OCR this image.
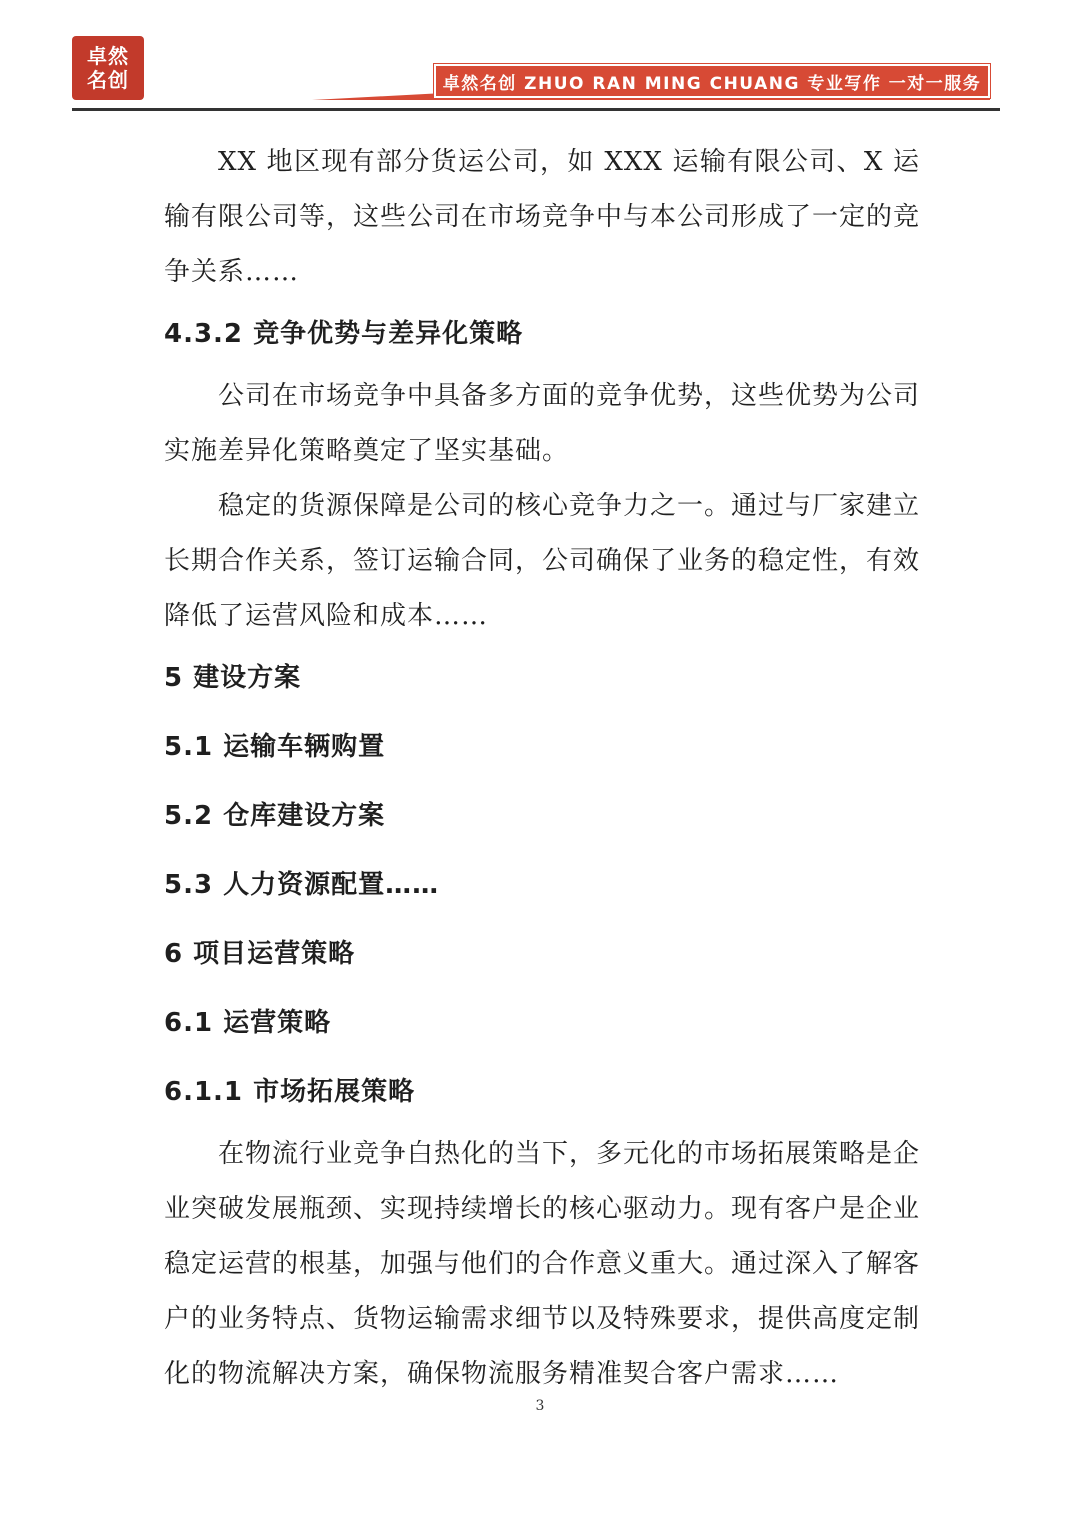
卓然
名创	卓然名创 ZHUO RAN MING CHUANG 专业写作 一对一服务

XX 地区现有部分货运公司，如 XXX 运输有限公司、X 运输有限公司等，这些公司在市场竞争中与本公司形成了一定的竞争关系……

4.3.2 竞争优势与差异化策略

公司在市场竞争中具备多方面的竞争优势，这些优势为公司实施差异化策略奠定了坚实基础。

稳定的货源保障是公司的核心竞争力之一。通过与厂家建立长期合作关系，签订运输合同，公司确保了业务的稳定性，有效降低了运营风险和成本……

5 建设方案
5.1 运输车辆购置
5.2 仓库建设方案
5.3 人力资源配置……
6 项目运营策略
6.1 运营策略
6.1.1 市场拓展策略

在物流行业竞争白热化的当下，多元化的市场拓展策略是企业突破发展瓶颈、实现持续增长的核心驱动力。现有客户是企业稳定运营的根基，加强与他们的合作意义重大。通过深入了解客户的业务特点、货物运输需求细节以及特殊要求，提供高度定制化的物流解决方案，确保物流服务精准契合客户需求……

3
